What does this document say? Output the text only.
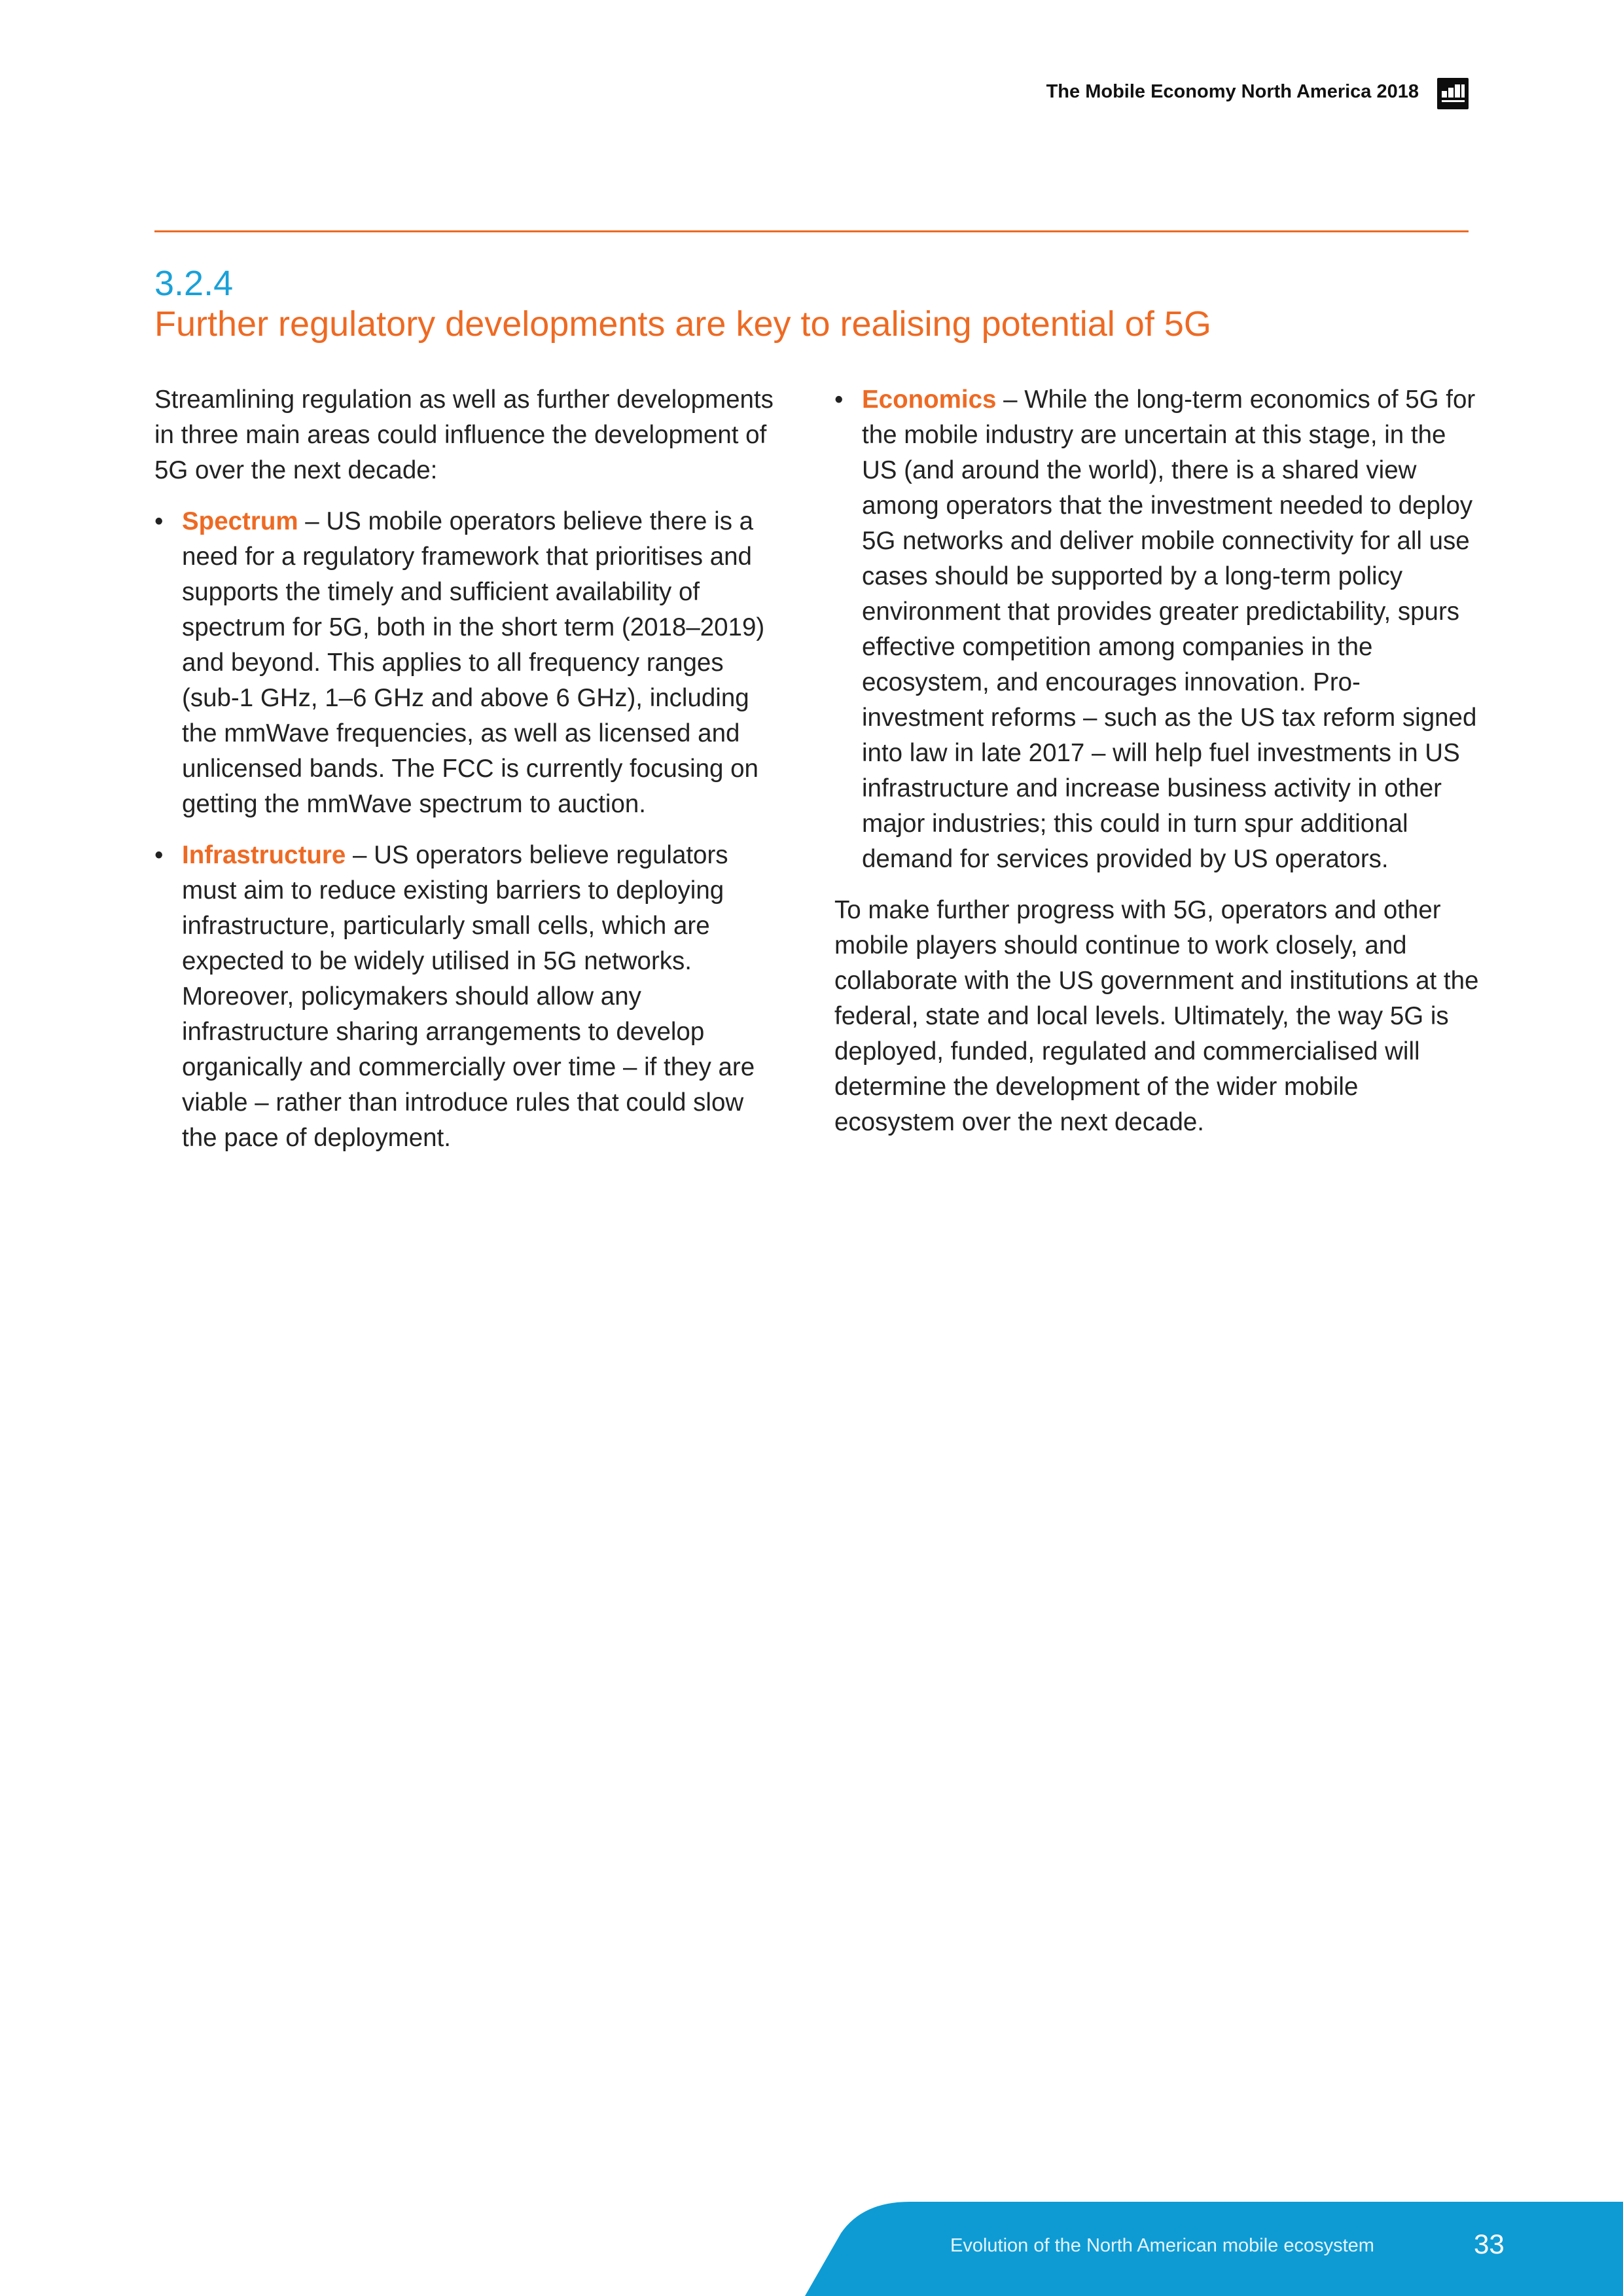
The Mobile Economy North America 2018
3.2.4
Further regulatory developments are key to realising potential of 5G

Streamlining regulation as well as further developments in three main areas could influence the development of 5G over the next decade:

• Spectrum – US mobile operators believe there is a need for a regulatory framework that prioritises and supports the timely and sufficient availability of spectrum for 5G, both in the short term (2018–2019) and beyond. This applies to all frequency ranges (sub-1 GHz, 1–6 GHz and above 6 GHz), including the mmWave frequencies, as well as licensed and unlicensed bands. The FCC is currently focusing on getting the mmWave spectrum to auction.
• Infrastructure – US operators believe regulators must aim to reduce existing barriers to deploying infrastructure, particularly small cells, which are expected to be widely utilised in 5G networks. Moreover, policymakers should allow any infrastructure sharing arrangements to develop organically and commercially over time – if they are viable – rather than introduce rules that could slow the pace of deployment.
• Economics – While the long-term economics of 5G for the mobile industry are uncertain at this stage, in the US (and around the world), there is a shared view among operators that the investment needed to deploy 5G networks and deliver mobile connectivity for all use cases should be supported by a long-term policy environment that provides greater predictability, spurs effective competition among companies in the ecosystem, and encourages innovation. Pro-investment reforms – such as the US tax reform signed into law in late 2017 – will help fuel investments in US infrastructure and increase business activity in other major industries; this could in turn spur additional demand for services provided by US operators.

To make further progress with 5G, operators and other mobile players should continue to work closely, and collaborate with the US government and institutions at the federal, state and local levels. Ultimately, the way 5G is deployed, funded, regulated and commercialised will determine the development of the wider mobile ecosystem over the next decade.

Evolution of the North American mobile ecosystem	33
